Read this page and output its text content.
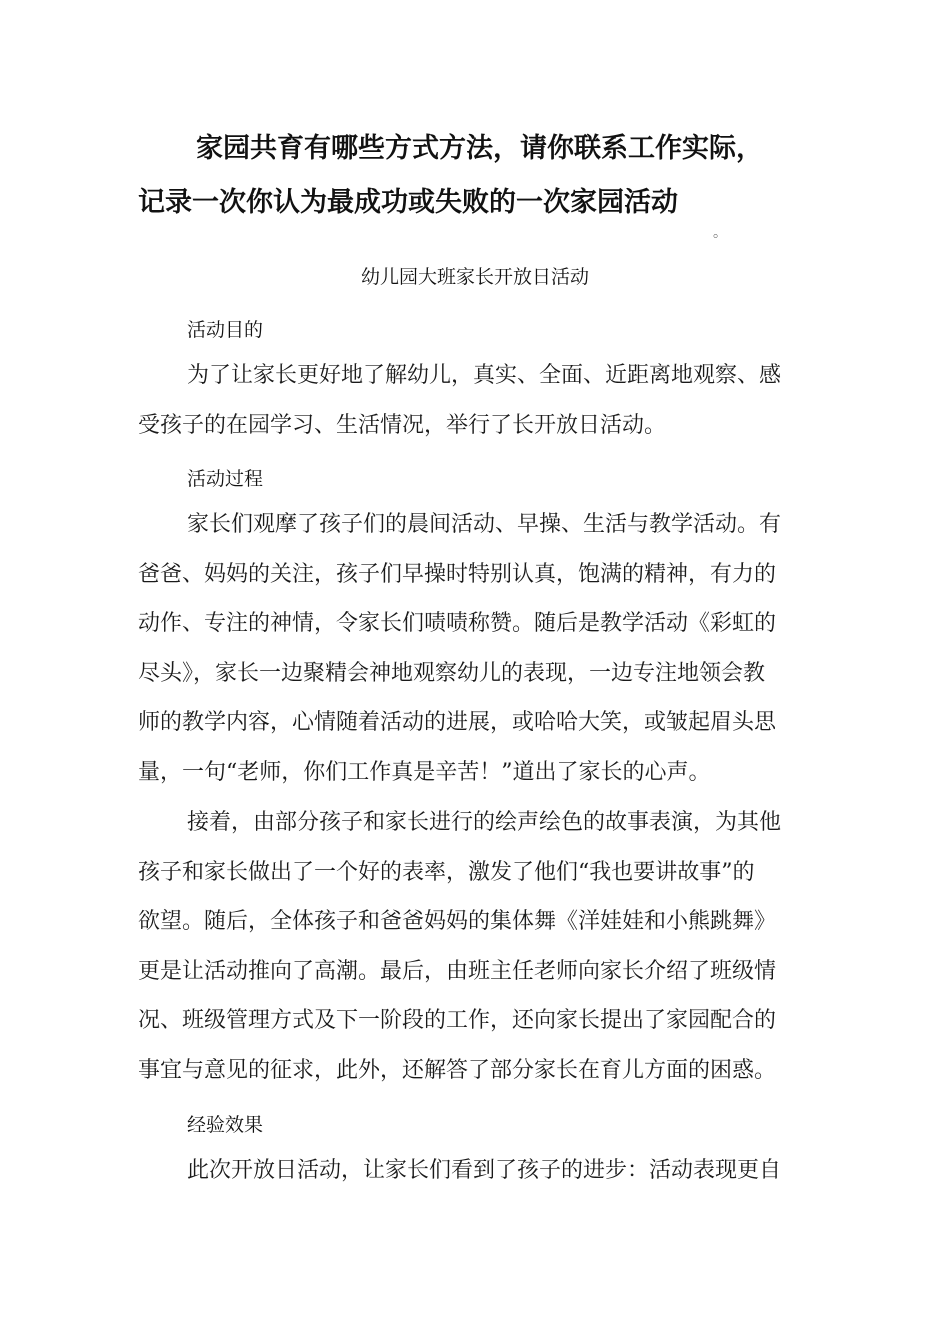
家园共育有哪些方式方法，请你联系工作实际，
记录一次你认为最成功或失败的一次家园活动
。
幼儿园大班家长开放日活动
活动目的
为了让家长更好地了解幼儿，真实、全面、近距离地观察、感
受孩子的在园学习、生活情况，举行了长开放日活动。
活动过程
家长们观摩了孩子们的晨间活动、早操、生活与教学活动。有
爸爸、妈妈的关注，孩子们早操时特别认真，饱满的精神，有力的
动作、专注的神情，令家长们啧啧称赞。随后是教学活动《彩虹的
尽头》，家长一边聚精会神地观察幼儿的表现，一边专注地领会教
师的教学内容，心情随着活动的进展，或哈哈大笑，或皱起眉头思
量，一句“老师，你们工作真是辛苦！”道出了家长的心声。
接着，由部分孩子和家长进行的绘声绘色的故事表演，为其他
孩子和家长做出了一个好的表率，激发了他们“我也要讲故事”的
欲望。随后，全体孩子和爸爸妈妈的集体舞《洋娃娃和小熊跳舞》
更是让活动推向了高潮。最后，由班主任老师向家长介绍了班级情
况、班级管理方式及下一阶段的工作，还向家长提出了家园配合的
事宜与意见的征求，此外，还解答了部分家长在育儿方面的困惑。
经验效果
此次开放日活动，让家长们看到了孩子的进步：活动表现更自
